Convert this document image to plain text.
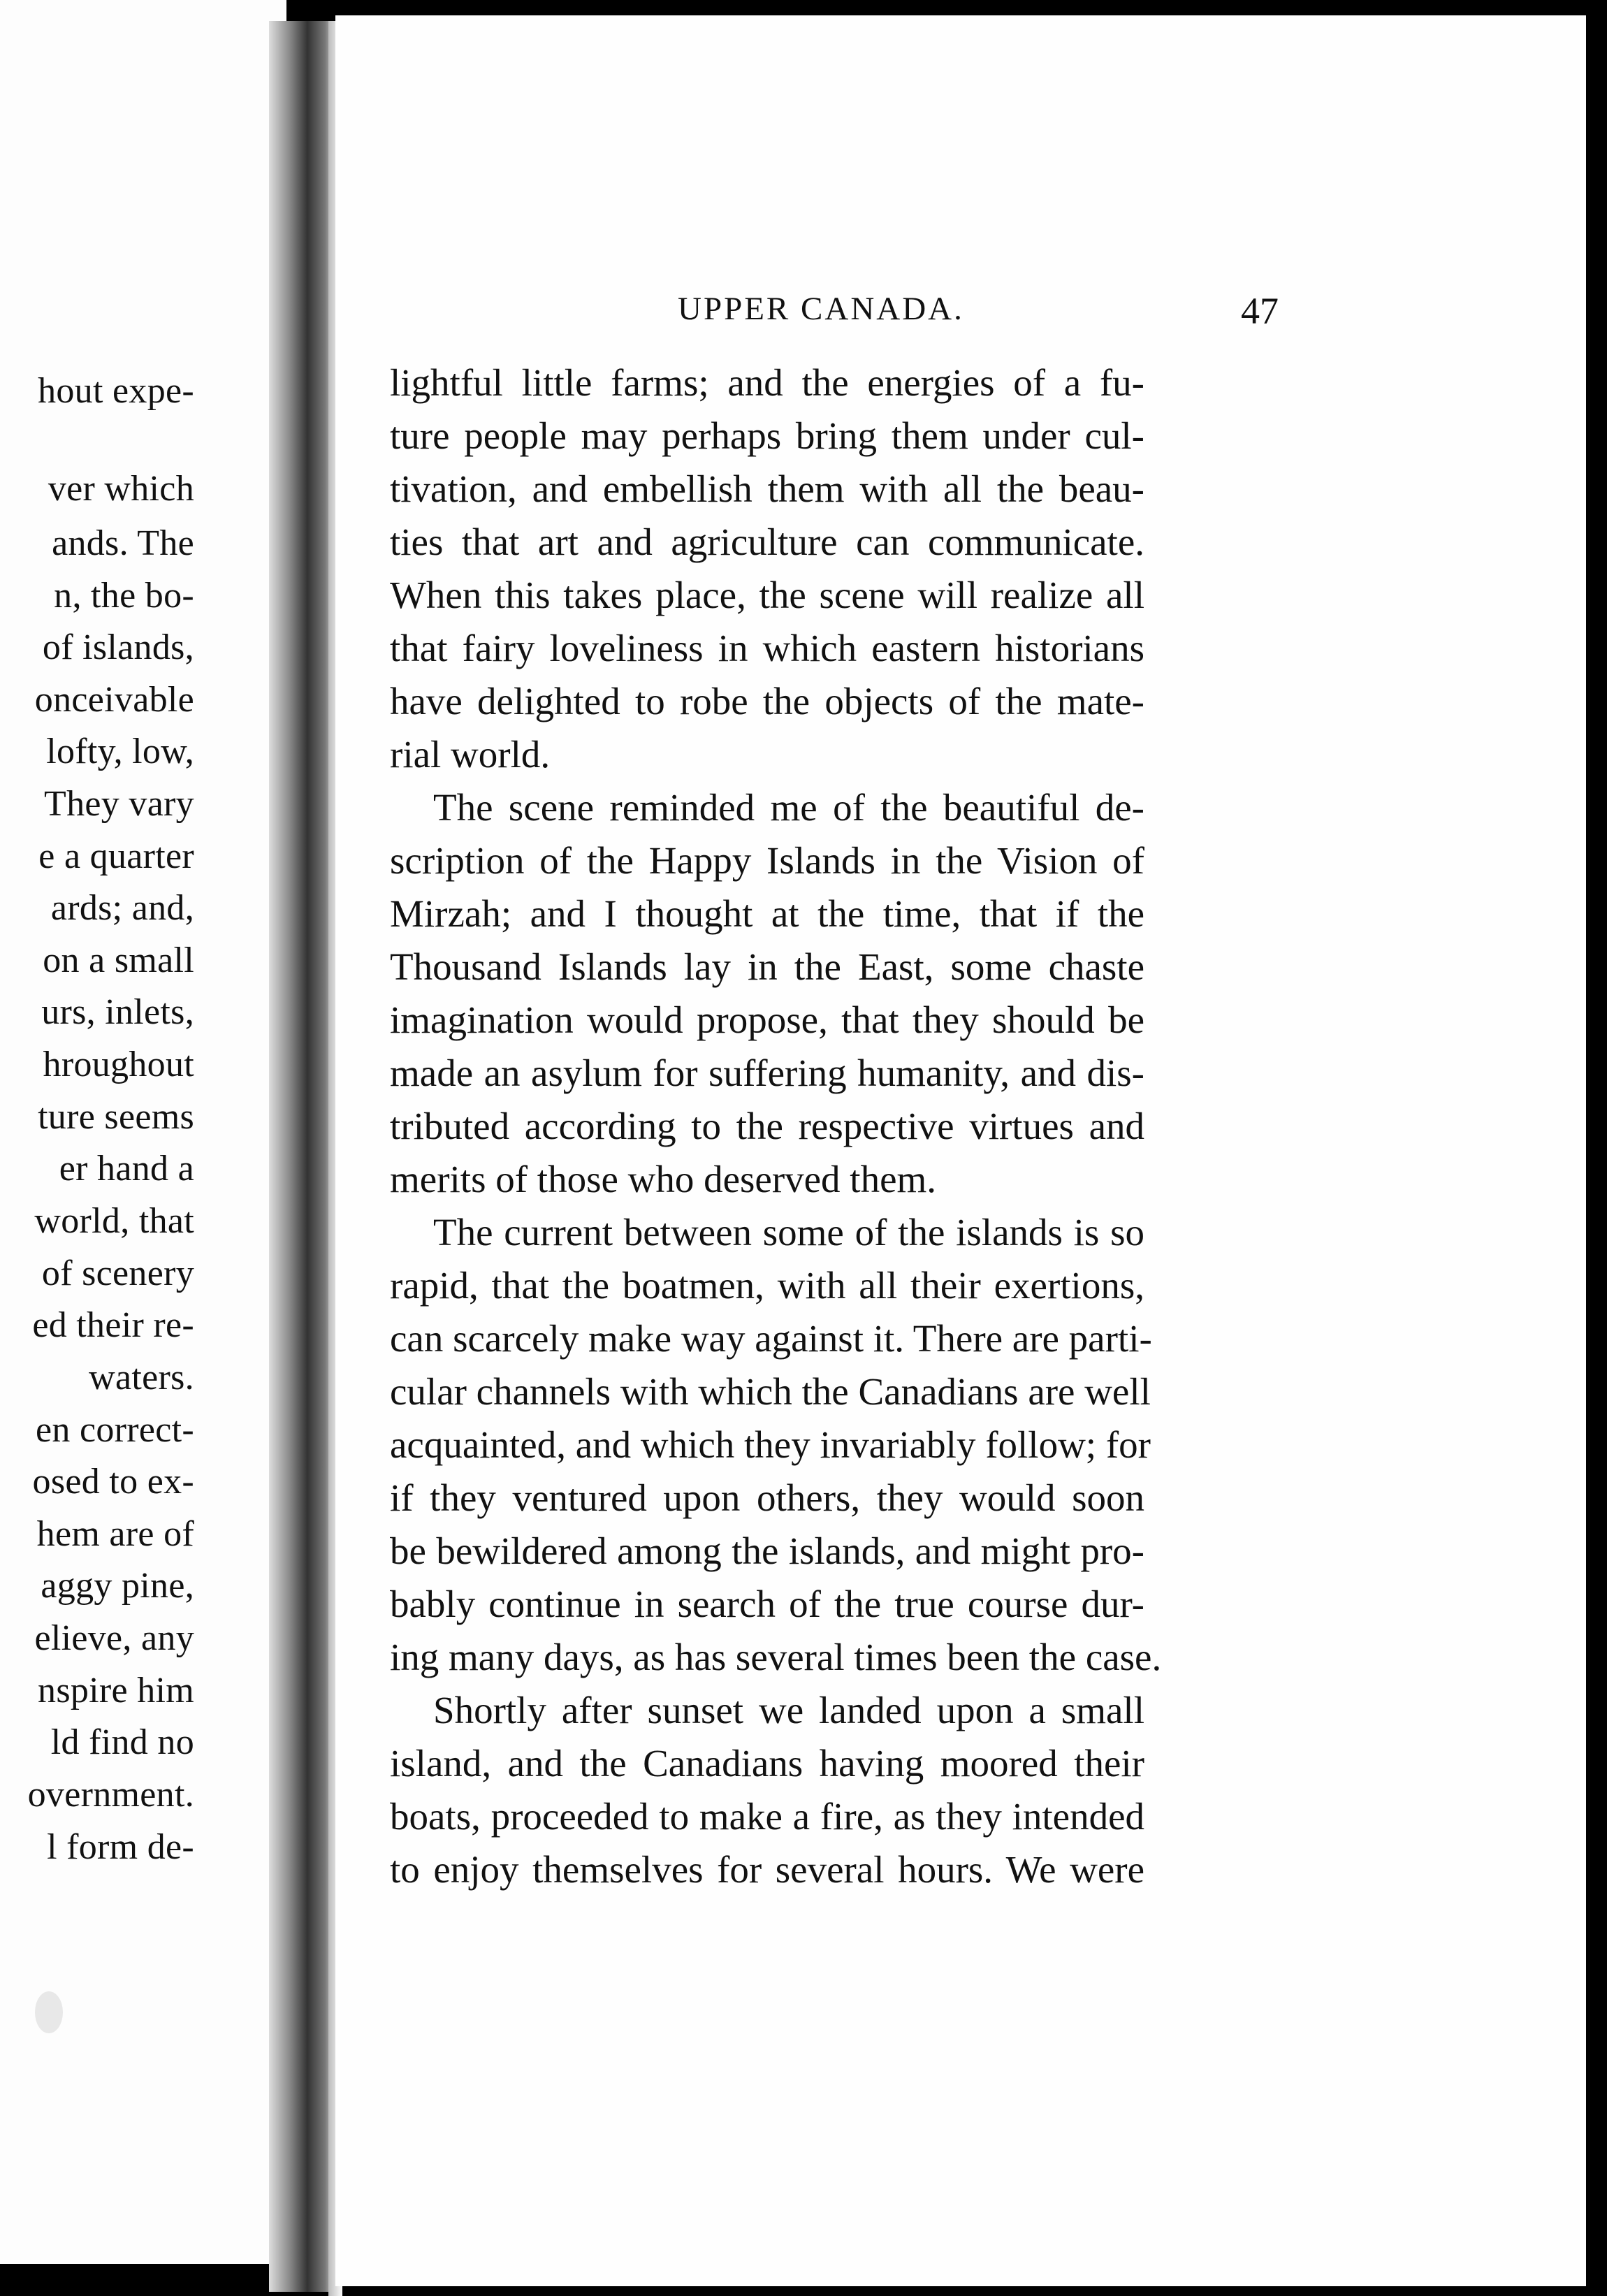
hout expe-
ver which
ands. The
n, the bo-
of islands,
onceivable
lofty, low,
They vary
e a quarter
ards; and,
on a small
urs, inlets,
hroughout
ture seems
er hand a
world, that
of scenery
ed their re-
waters.
en correct-
osed to ex-
hem are of
aggy pine,
elieve, any
nspire him
ld find no
overnment.
l form de-
UPPER CANADA.	47
lightful little farms; and the energies of a fu-
ture people may perhaps bring them under cul-
tivation, and embellish them with all the beau-
ties that art and agriculture can communicate.
When this takes place, the scene will realize all
that fairy loveliness in which eastern historians
have delighted to robe the objects of the mate-
rial world.
The scene reminded me of the beautiful de-
scription of the Happy Islands in the Vision of
Mirzah; and I thought at the time, that if the
Thousand Islands lay in the East, some chaste
imagination would propose, that they should be
made an asylum for suffering humanity, and dis-
tributed according to the respective virtues and
merits of those who deserved them.
The current between some of the islands is so
rapid, that the boatmen, with all their exertions,
can scarcely make way against it. There are parti-
cular channels with which the Canadians are well
acquainted, and which they invariably follow; for
if they ventured upon others, they would soon
be bewildered among the islands, and might pro-
bably continue in search of the true course dur-
ing many days, as has several times been the case.
Shortly after sunset we landed upon a small
island, and the Canadians having moored their
boats, proceeded to make a fire, as they intended
to enjoy themselves for several hours. We were
